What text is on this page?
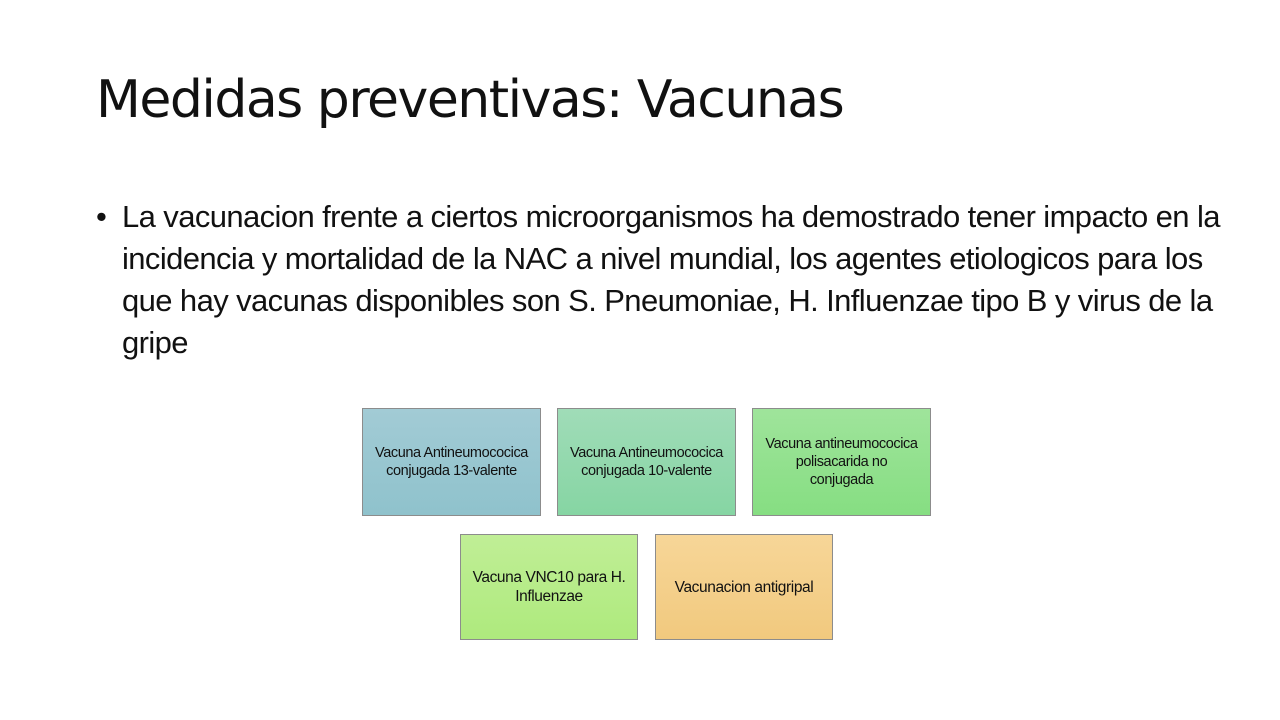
Medidas preventivas: Vacunas
• La vacunacion frente a ciertos microorganismos ha demostrado tener impacto en la incidencia y mortalidad de la NAC a nivel mundial, los agentes etiologicos para los que hay vacunas disponibles son S. Pneumoniae, H. Influenzae tipo B y virus de la gripe
Vacuna Antineumococica conjugada 13-valente
Vacuna Antineumococica conjugada 10-valente
Vacuna antineumococica polisacarida no conjugada
Vacuna VNC10 para H. Influenzae
Vacunacion antigripal
